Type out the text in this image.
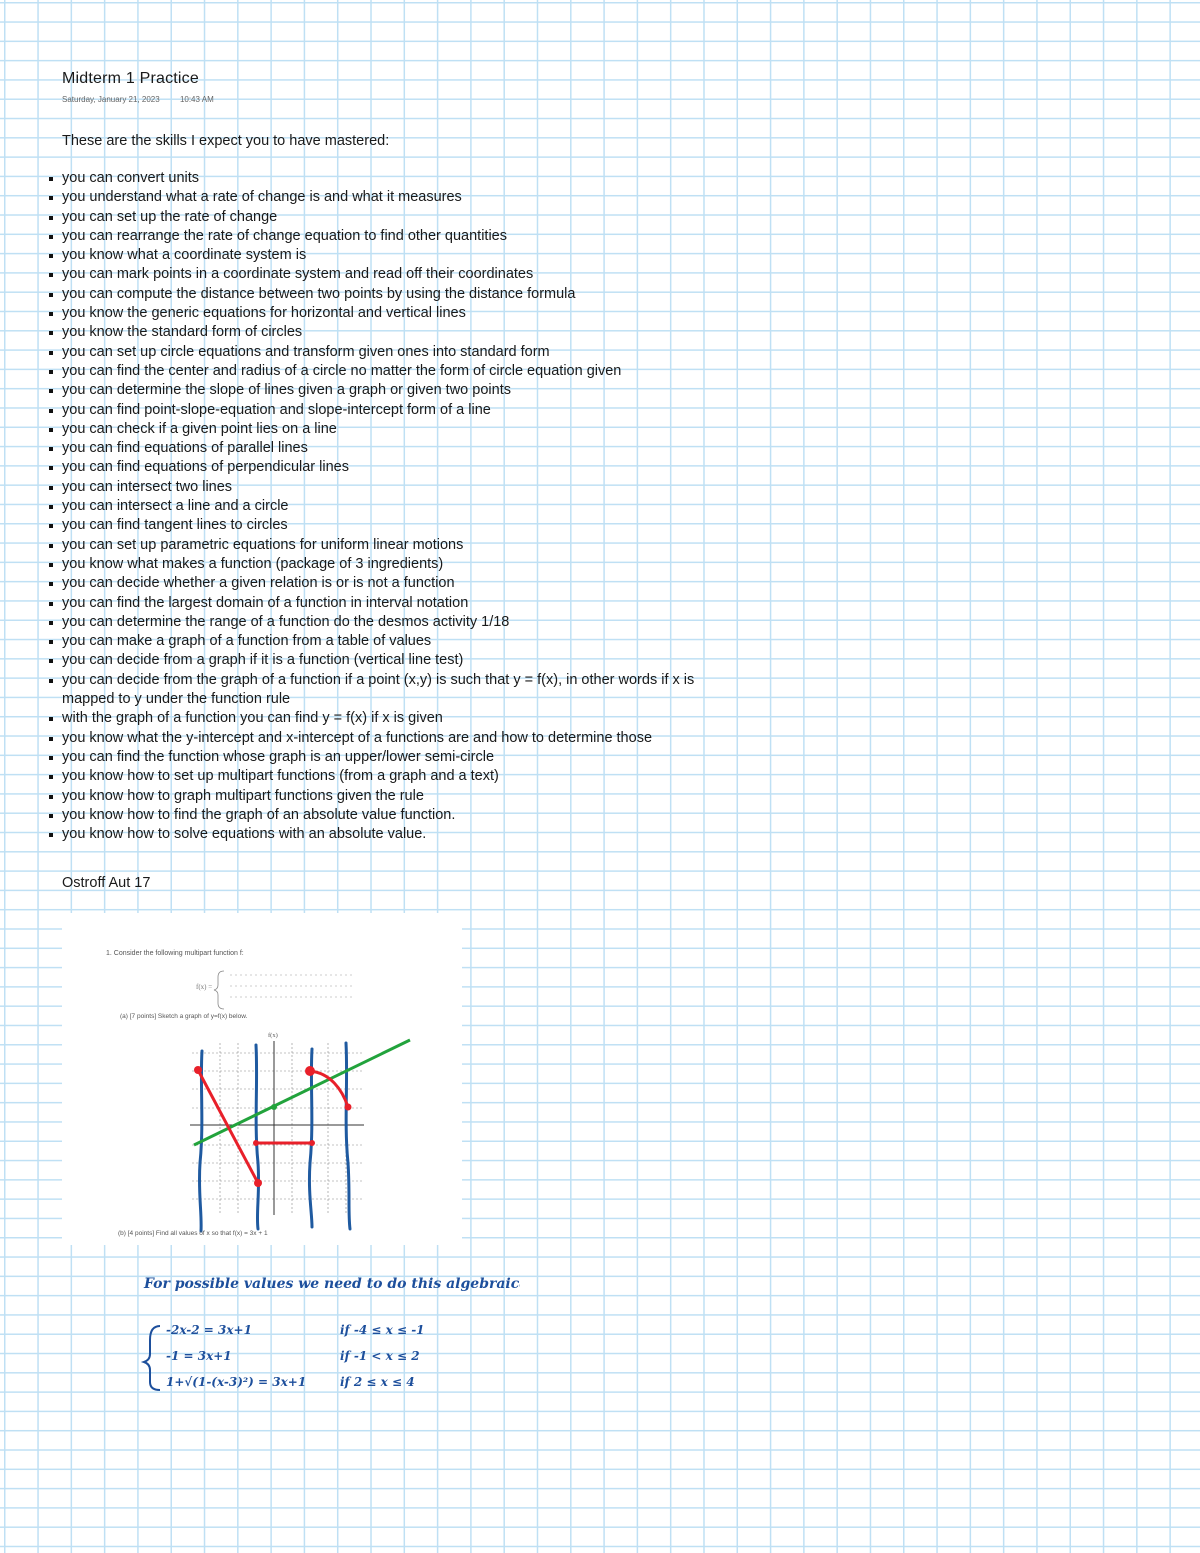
Midterm 1 Practice
Saturday, January 21, 2023	10:43 AM
These are the skills I expect you to have mastered:
you can convert units
you understand what a rate of change is and what it measures
you can set up the rate of change
you can rearrange the rate of change equation to find other quantities
you know what a coordinate system is
you can mark points in a coordinate system and read off their coordinates
you can compute the distance between two points by using the distance formula
you know the generic equations for horizontal and vertical lines
you know the standard form of circles
you can set up circle equations and transform given ones into standard form
you can find the center and radius of a circle no matter the form of circle equation given
you can determine the slope of lines given a graph or given two points
you can find point-slope-equation and slope-intercept form of a line
you can check if a given point lies on a line
you can find equations of parallel lines
you can find equations of perpendicular lines
you can intersect two lines
you can intersect a line and a circle
you can find tangent lines to circles
you can set up parametric equations for uniform linear motions
you know what makes a function (package of 3 ingredients)
you can decide whether a given relation is or is not a function
you can find the largest domain of a function in interval notation
you can determine the range of a function do the desmos activity 1/18
you can make a graph of a function from a table of values
you can decide from a graph if it is a function (vertical line test)
you can decide from the graph of a function if a point (x,y) is such that y = f(x), in other words if x is mapped to y under the function rule
with the graph of a function you can find y = f(x) if x is given
you know what the y-intercept and x-intercept of a functions are and how to determine those
you can find the function whose graph is an upper/lower semi-circle
you know how to set up multipart functions (from a graph and a text)
you know how to graph multipart functions given the rule
you know how to find the graph of an absolute value function.
you know how to solve equations with an absolute value.
Ostroff Aut 17
1. Consider the following multipart function f:
f(x) =
(a) [7 points] Sketch a graph of y=f(x) below.
f(x)
(b) [4 points] Find all values of x so that f(x) = 3x + 1
For possible values we need to do this algebraically:
-2x-2 = 3x+1	if -4 ≤ x ≤ -1
-1 = 3x+1	if -1 < x ≤ 2
1+√(1-(x-3)²) = 3x+1	if 2 ≤ x ≤ 4
